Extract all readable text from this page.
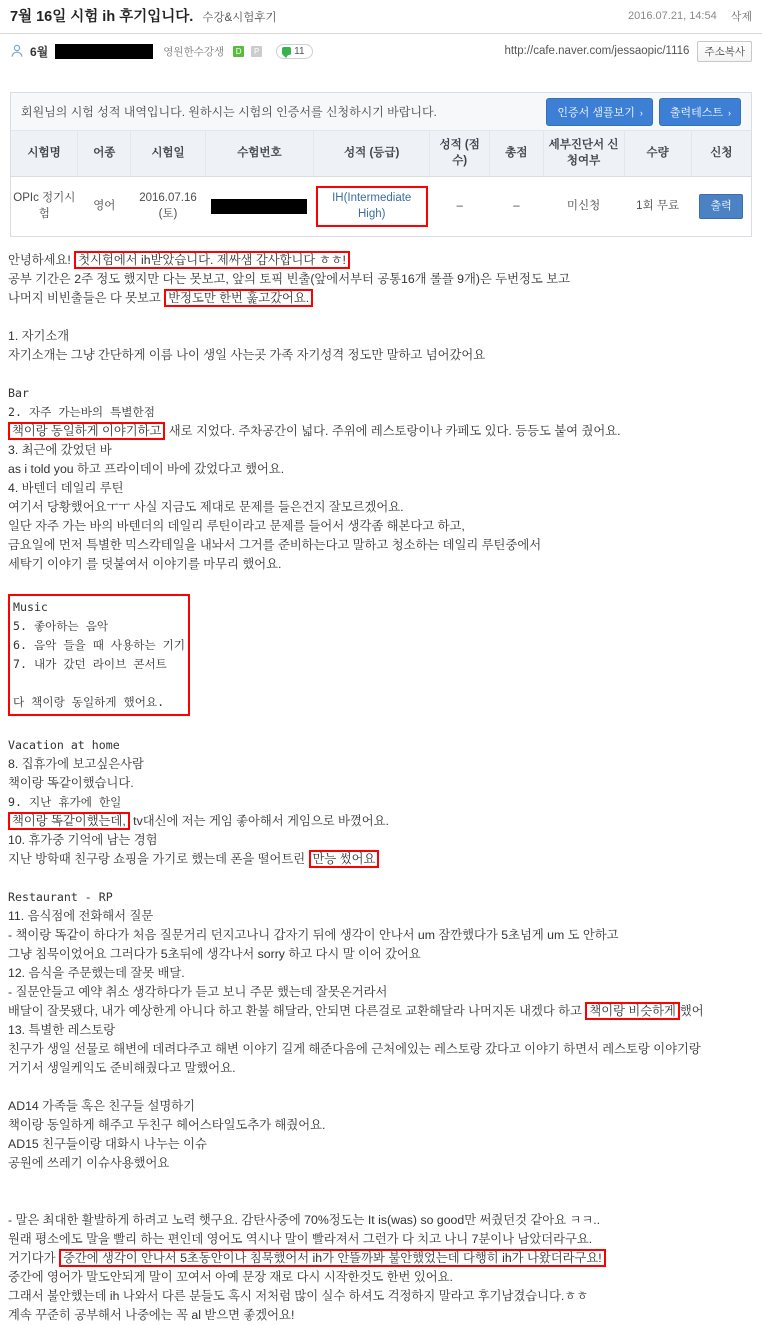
7월 16일 시험 ih 후기입니다. 수강&시험후기	2016.07.21, 14:54 삭제
6월	영원한수강생	D	P	11	http://cafe.naver.com/jessaopic/1116	주소복사
회원님의 시험 성적 내역입니다. 원하시는 시험의 인증서를 신청하시기 바랍니다.	인증서 샘플보기 ›	출력테스트 ›
시험명	어종	시험일	수험번호	성적 (등급)	성적 (점수)	총점	세부진단서 신청여부	수량	신청
OPIc 정기시험	영어	2016.07.16 (토)		IH(Intermediate High)	–	–	미신청	1회 무료	출력
안녕하세요! 첫시험에서 ih받았습니다. 제싸샘 감사합니다 ㅎㅎ!
공부 기간은 2주 정도 했지만 다는 못보고, 앞의 토픽 빈출(앞에서부터 공통16개 롤플 9개)은 두번정도 보고
나머지 비빈출들은 다 못보고 반정도만 한번 훑고갔어요.
1. 자기소개
자기소개는 그냥 간단하게 이름 나이 생일 사는곳 가족 자기성격 정도만 말하고 넘어갔어요
Bar
2. 자주 가는바의 특별한점
책이랑 동일하게 이야기하고 새로 지었다. 주차공간이 넓다. 주위에 레스토랑이나 카페도 있다. 등등도 붙여 줬어요.
3. 최근에 갔었던 바
as i told you 하고 프라이데이 바에 갔었다고 했어요.
4. 바텐더 데일리 루틴
여기서 당황했어요ㅜㅜ 사실 지금도 제대로 문제를 들은건지 잘모르겠어요.
일단 자주 가는 바의 바텐더의 데일리 루틴이라고 문제를 들어서 생각좀 해본다고 하고,
금요일에 먼저 특별한 믹스칵테일을 내놔서 그거를 준비하는다고 말하고 청소하는 데일리 루틴중에서
세탁기 이야기 를 덧붙여서 이야기를 마무리 했어요.
Music
5. 좋아하는 음악
6. 음악 들을 때 사용하는 기기
7. 내가 갔던 라이브 콘서트

다 책이랑 동일하게 했어요.
Vacation at home
8. 집휴가에 보고싶은사람
책이랑 똑같이했습니다.
9. 지난 휴가에 한일
책이랑 똑같이했는데, tv대신에 저는 게임 좋아해서 게임으로 바꼈어요.
10. 휴가중 기억에 남는 경험
지난 방학때 친구랑 쇼핑을 가기로 했는데 폰을 떨어트린 만능 썼어요
Restaurant - RP
11. 음식점에 전화해서 질문
- 책이랑 똑같이 하다가 처음 질문거리 던지고나니 갑자기 뒤에 생각이 안나서 um 잠깐했다가 5초넘게 um 도 안하고
그냥 침묵이었어요 그러다가 5초뒤에 생각나서 sorry 하고 다시 말 이어 갔어요
12. 음식을 주문했는데 잘못 배달.
- 질문안들고 예약 취소 생각하다가 듣고 보니 주문 했는데 잘못온거라서
배달이 잘못됐다, 내가 예상한게 아니다 하고 환불 해달라, 안되면 다른걸로 교환해달라 나머지돈 내겠다 하고 책이랑 비슷하게 했어
13. 특별한 레스토랑
친구가 생일 선물로 해변에 데려다주고 해변 이야기 길게 해준다음에 근처에있는 레스토랑 갔다고 이야기 하면서 레스토랑 이야기랑
거기서 생일케익도 준비해줬다고 말했어요.
AD14 가족들 혹은 친구들 설명하기
책이랑 동일하게 해주고 두친구 헤어스타일도추가 해줬어요.
AD15 친구들이랑 대화시 나누는 이슈
공원에 쓰레기 이슈사용했어요
- 말은 최대한 활발하게 하려고 노력 햇구요. 감탄사중에 70%정도는 It is(was) so good만 써줬던것 같아요 ㅋㅋ..
원래 평소에도 말을 빨리 하는 편인데 영어도 역시나 말이 빨라져서 그런가 다 치고 나니 7분이나 남았더라구요.
거기다가 중간에 생각이 안나서 5초동안이나 침묵했어서 ih가 안뜰까봐 불안했었는데 다행히 ih가 나왔더라구요!
중간에 영어가 말도안되게 말이 꼬여서 아예 문장 재로 다시 시작한것도 한번 있어요.
그래서 불안했는데 ih 나와서 다른 분들도 혹시 저처럼 많이 실수 하셔도 걱정하지 말라고 후기남겼습니다.ㅎㅎ
계속 꾸준히 공부해서 나중에는 꼭 al 받으면 좋겠어요!
